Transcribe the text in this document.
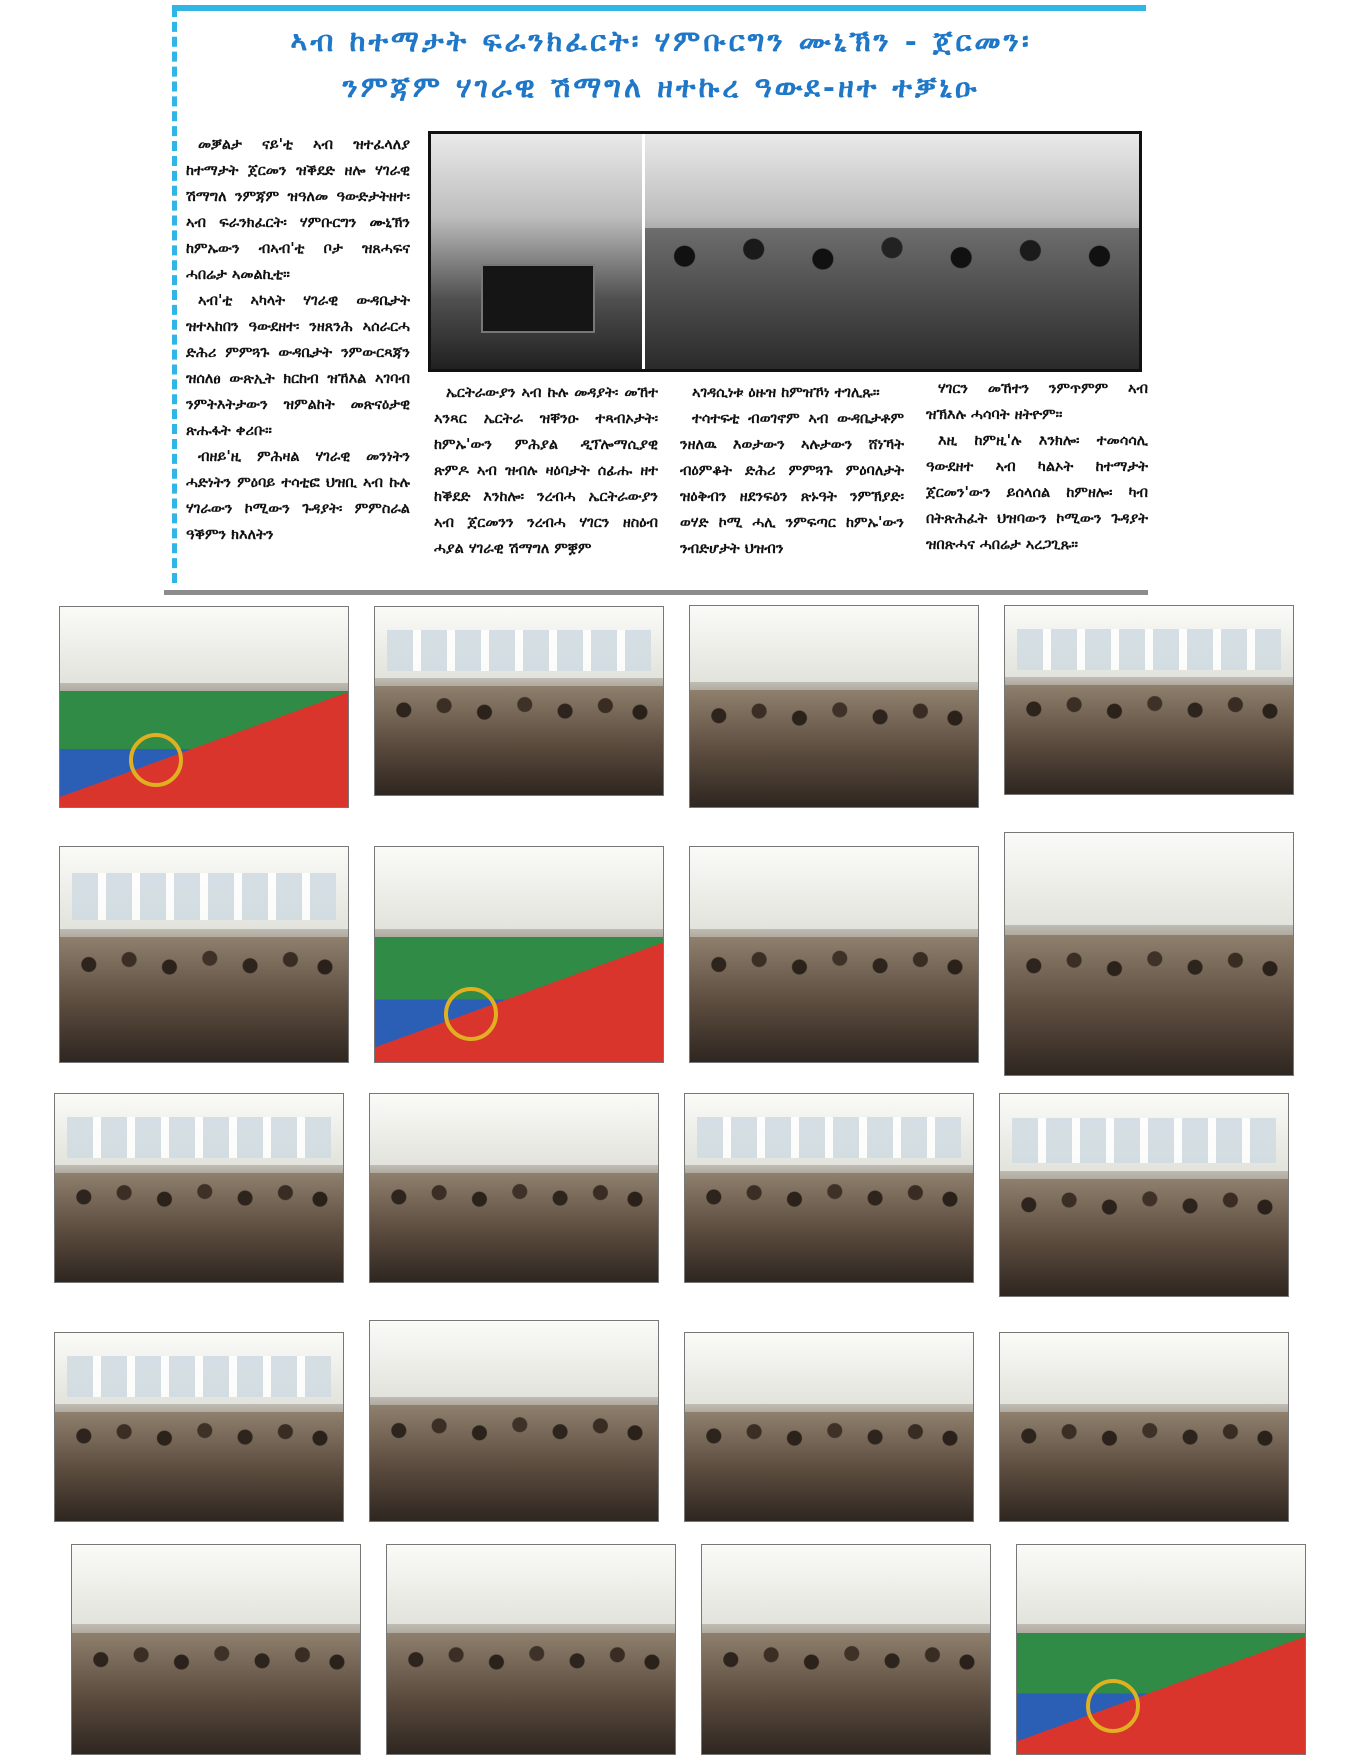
ኣብ ከተማታት ፍራንክፈርት፡ ሃምቡርግን ሙኒኽን - ጀርመን፡
ንምጃም ሃገራዊ ሽማግለ ዘተኩረ ዓውደ-ዘተ ተቓኒዑ

መቓልታ ናይ'ቲ ኣብ ዝተፈላለያ ከተማታት ጀርመን ዝቕደድ ዘሎ ሃገራዊ ሽማግለ ንምጃም ዝዓለመ ዓውድታትዘተ፡ ኣብ ፍራንክፈርት፡ ሃምቡርግን ሙኒኽን ከምኡውን ብኣብ'ቲ ቦታ ዝጸሓፍና ሓበሬታ ኣመልኪቲ።

ኣብ'ቲ ኣካላት ሃገራዊ ውዳቤታት ዝተኣከበን ዓውደዘተ፡ ንዘጸንሕ ኣሰራርሓ ድሕሪ ምምጓጉ ውዳቤታት ንምውርጻጃን ዝሰለፀ ውጽኢት ክርከብ ዝኸእል ኣገባብ ንምትእትታውን ዝምልከት መጽናዕታዊ ጽሑፋት ቀሪቡ።

ብዘይ'ዚ ምሕዛል ሃገራዊ መንነትን ሓድነትን ምዕባይ ተሳቲፎ ህዝቢ ኣብ ኩሉ ሃገራውን ኮሚውን ጉዳያት፡ ምምስራል ዓቕምን ክእለትን

ኤርትራውያን ኣብ ኩሉ መዳያት፡ መኸተ ኣንጻር ኤርትራ ዝቐንዑ ተጻብኦታት፡ ከምኡ'ውን ምሕያል ዲፕሎማሲያዊ ጽምዶ ኣብ ዝብሉ ዛዕባታት ሰፊሑ ዘተ ከቕደድ እንከሎ፡ ንረብሓ ኤርትራውያን ኣብ ጀርመንን ንረብሓ ሃገርን ዘስዕብ ሓያል ሃገራዊ ሽማግለ ምቛም

ኣገዳሲነቱ ዕዙዝ ከምዝኾነ ተገሊጹ።

ተሳተፍቲ ብወገኖም ኣብ ውዳቤታቶም ንዘለዉ እወታውን ኣሉታውን ሸነኻት ብዕምቆት ድሕሪ ምምጓጉ ምዕባለታት ዝዕቅብን ዘደንፍዕን ጽኑዓት ንምኽያድ፡ ወሃድ ኮሚ ሓሊ ንምፍጣር ከምኡ'ውን ንብድሆታት ህዝብን

ሃገርን መኸተን ንምጥምም ኣብ ዝኽእሉ ሓሳባት ዘትዮም።

እዚ ከምዚ'ሉ እንክሎ፡ ተመሳሳሊ ዓውደዘተ ኣብ ካልኦት ከተማታት ጀርመን'ውን ይሰላሰል ከምዘሎ፡ ካብ በትጽሕፈት ህዝባውን ኮሚውን ጉዳያት ዝበጽሓና ሓበሬታ ኣረጋጊጹ።
